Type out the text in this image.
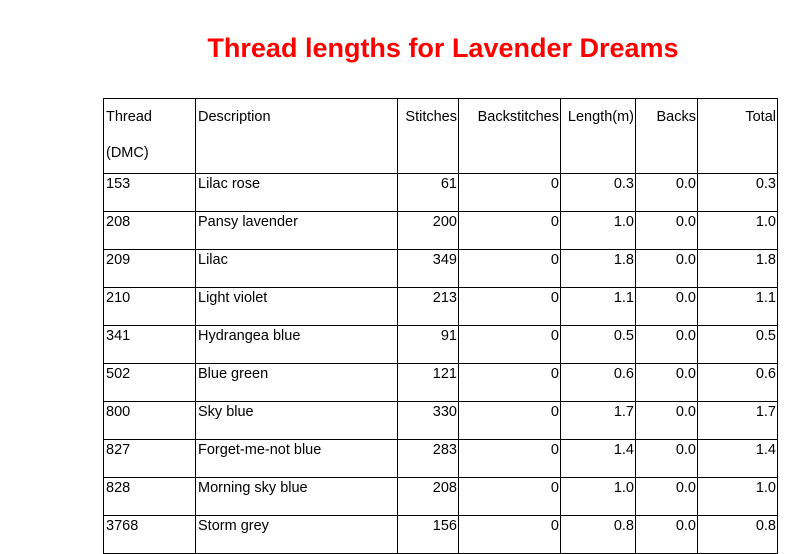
Thread lengths for Lavender Dreams
Thread
(DMC)	Description	Stitches	Backstitches	Length(m)	Backs	Total
153	Lilac rose	61	0	0.3	0.0	0.3
208	Pansy lavender	200	0	1.0	0.0	1.0
209	Lilac	349	0	1.8	0.0	1.8
210	Light violet	213	0	1.1	0.0	1.1
341	Hydrangea blue	91	0	0.5	0.0	0.5
502	Blue green	121	0	0.6	0.0	0.6
800	Sky blue	330	0	1.7	0.0	1.7
827	Forget-me-not blue	283	0	1.4	0.0	1.4
828	Morning sky blue	208	0	1.0	0.0	1.0
3768	Storm grey	156	0	0.8	0.0	0.8
